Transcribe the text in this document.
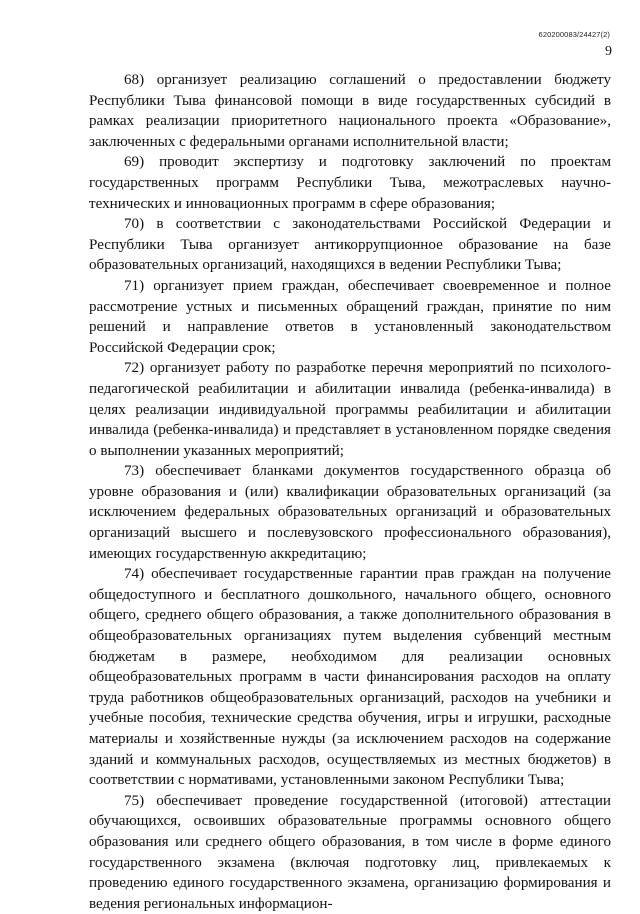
620200083/24427(2)
9

68) организует реализацию соглашений о предоставлении бюджету Республики Тыва финансовой помощи в виде государственных субсидий в рамках реализации приоритетного национального проекта «Образование», заключенных с федеральными органами исполнительной власти;

69) проводит экспертизу и подготовку заключений по проектам государственных программ Республики Тыва, межотраслевых научно-технических и инновационных программ в сфере образования;

70) в соответствии с законодательствами Российской Федерации и Республики Тыва организует антикоррупционное образование на базе образовательных организаций, находящихся в ведении Республики Тыва;

71) организует прием граждан, обеспечивает своевременное и полное рассмотрение устных и письменных обращений граждан, принятие по ним решений и направление ответов в установленный законодательством Российской Федерации срок;

72) организует работу по разработке перечня мероприятий по психолого-педагогической реабилитации и абилитации инвалида (ребенка-инвалида) в целях реализации индивидуальной программы реабилитации и абилитации инвалида (ребенка-инвалида) и представляет в установленном порядке сведения о выполнении указанных мероприятий;

73) обеспечивает бланками документов государственного образца об уровне образования и (или) квалификации образовательных организаций (за исключением федеральных образовательных организаций и образовательных организаций высшего и послевузовского профессионального образования), имеющих государственную аккредитацию;

74) обеспечивает государственные гарантии прав граждан на получение общедоступного и бесплатного дошкольного, начального общего, основного общего, среднего общего образования, а также дополнительного образования в общеобразовательных организациях путем выделения субвенций местным бюджетам в размере, необходимом для реализации основных общеобразовательных программ в части финансирования расходов на оплату труда работников общеобразовательных организаций, расходов на учебники и учебные пособия, технические средства обучения, игры и игрушки, расходные материалы и хозяйственные нужды (за исключением расходов на содержание зданий и коммунальных расходов, осуществляемых из местных бюджетов) в соответствии с нормативами, установленными законом Республики Тыва;

75) обеспечивает проведение государственной (итоговой) аттестации обучающихся, освоивших образовательные программы основного общего образования или среднего общего образования, в том числе в форме единого государственного экзамена (включая подготовку лиц, привлекаемых к проведению единого государственного экзамена, организацию формирования и ведения региональных информацион-
